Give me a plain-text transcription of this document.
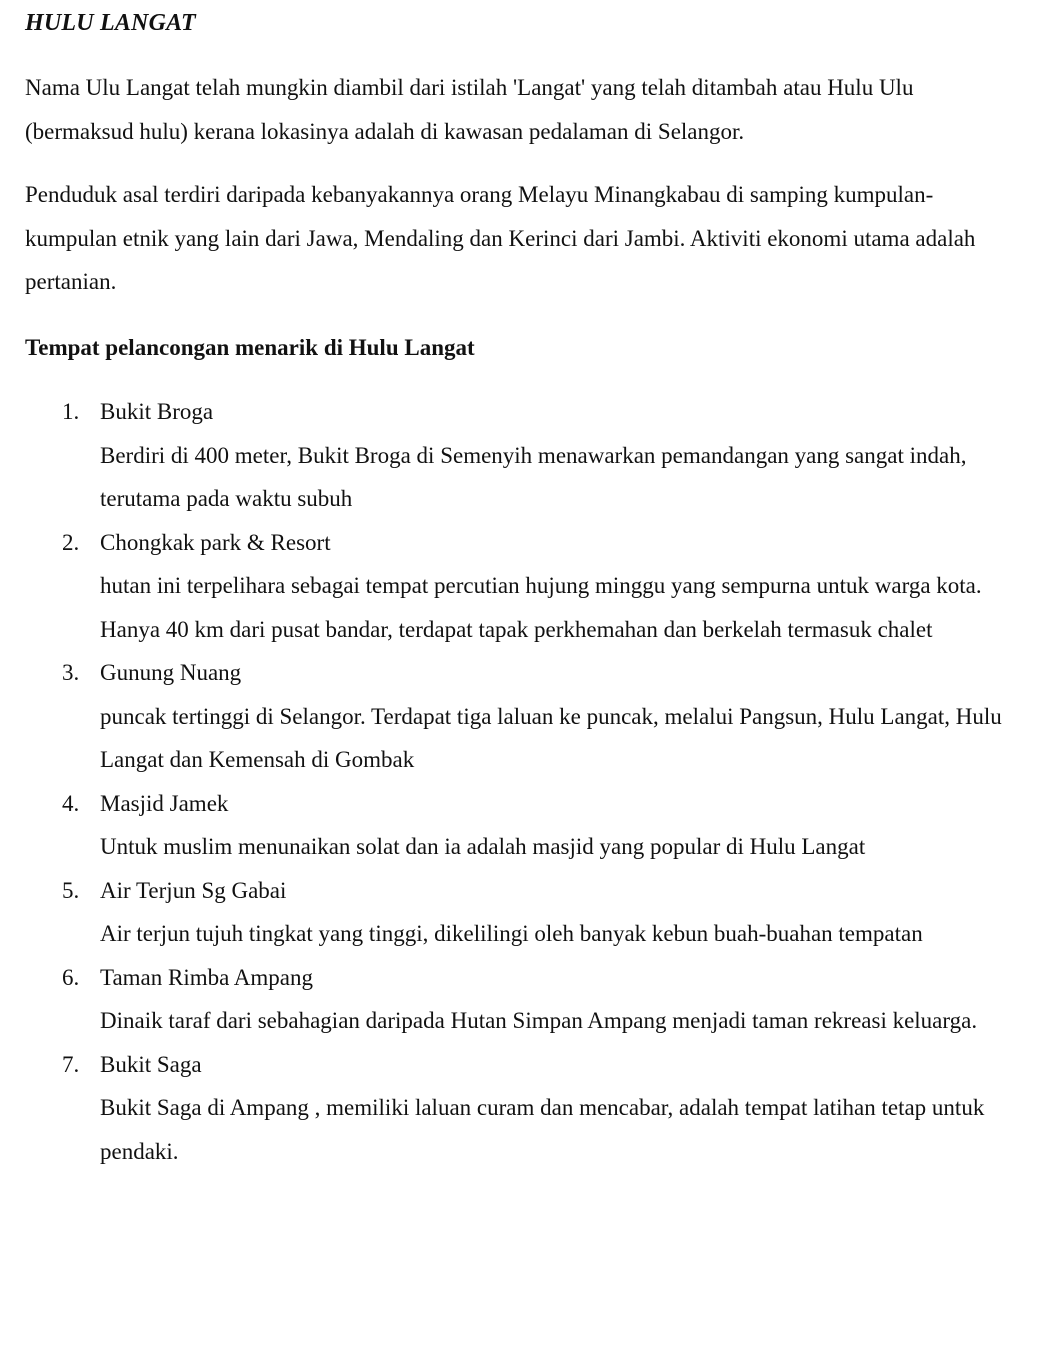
HULU LANGAT

Nama Ulu Langat telah mungkin diambil dari istilah 'Langat' yang telah ditambah atau Hulu Ulu (bermaksud hulu) kerana lokasinya adalah di kawasan pedalaman di Selangor.

Penduduk asal terdiri daripada kebanyakannya orang Melayu Minangkabau di samping kumpulan-kumpulan etnik yang lain dari Jawa, Mendaling dan Kerinci dari Jambi. Aktiviti ekonomi utama adalah pertanian.

Tempat pelancongan menarik di Hulu Langat
1. Bukit Broga
Berdiri di 400 meter, Bukit Broga di Semenyih menawarkan pemandangan yang sangat indah, terutama pada waktu subuh
2. Chongkak park & Resort
hutan ini terpelihara sebagai tempat percutian hujung minggu yang sempurna untuk warga kota. Hanya 40 km dari pusat bandar, terdapat tapak perkhemahan dan berkelah termasuk chalet
3. Gunung Nuang
puncak tertinggi di Selangor. Terdapat tiga laluan ke puncak, melalui Pangsun, Hulu Langat, Hulu Langat dan Kemensah di Gombak
4. Masjid Jamek
Untuk muslim menunaikan solat dan ia adalah masjid yang popular di Hulu Langat
5. Air Terjun Sg Gabai
Air terjun tujuh tingkat yang tinggi, dikelilingi oleh banyak kebun buah-buahan tempatan
6. Taman Rimba Ampang
Dinaik taraf dari sebahagian daripada Hutan Simpan Ampang menjadi taman rekreasi keluarga.
7. Bukit Saga
Bukit Saga di Ampang , memiliki laluan curam dan mencabar, adalah tempat latihan tetap untuk pendaki.
